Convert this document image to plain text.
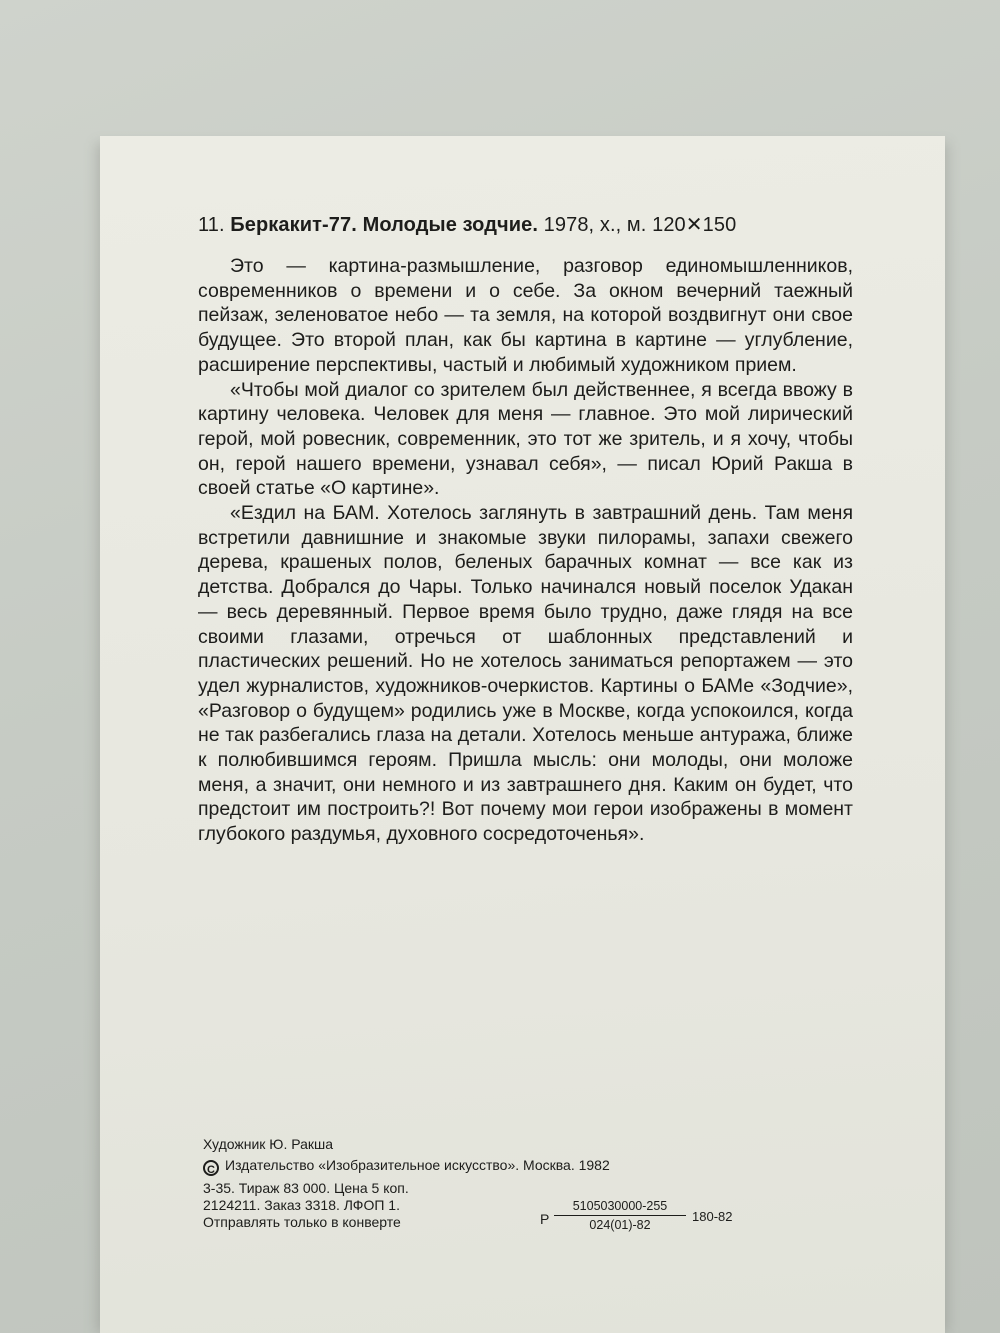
11. Беркакит-77. Молодые зодчие. 1978, х., м. 120✕150

Это — картина-размышление, разговор единомышленников, современников о времени и о себе. За окном вечерний таежный пейзаж, зеленоватое небо — та земля, на которой воздвигнут они свое будущее. Это второй план, как бы картина в картине — углубление, расширение перспективы, частый и любимый художником прием.

«Чтобы мой диалог со зрителем был действеннее, я всегда ввожу в картину человека. Человек для меня — главное. Это мой лирический герой, мой ровесник, современник, это тот же зритель, и я хочу, чтобы он, герой нашего времени, узнавал себя», — писал Юрий Ракша в своей статье «О картине».

«Ездил на БАМ. Хотелось заглянуть в завтрашний день. Там меня встретили давнишние и знакомые звуки пилорамы, запахи свежего дерева, крашеных полов, беленых барачных комнат — все как из детства. Добрался до Чары. Только начинался новый поселок Удакан — весь деревянный. Первое время было трудно, даже глядя на все своими глазами, отречься от шаблонных представлений и пластических решений. Но не хотелось заниматься репортажем — это удел журналистов, художников-очеркистов. Картины о БАМе «Зодчие», «Разговор о будущем» родились уже в Москве, когда успокоился, когда не так разбегались глаза на детали. Хотелось меньше антуража, ближе к полюбившимся героям. Пришла мысль: они молоды, они моложе меня, а значит, они немного и из завтрашнего дня. Каким он будет, что предстоит им построить?! Вот почему мои герои изображены в момент глубокого раздумья, духовного сосредоточенья».

Художник Ю. Ракша
С Издательство «Изобразительное искусство». Москва. 1982
3-35. Тираж 83 000. Цена 5 коп.
2124211. Заказ 3318. ЛФОП 1.
Отправлять только в конверте	Р $\frac{5105030000-255}{024(01)-82} 180-82$
